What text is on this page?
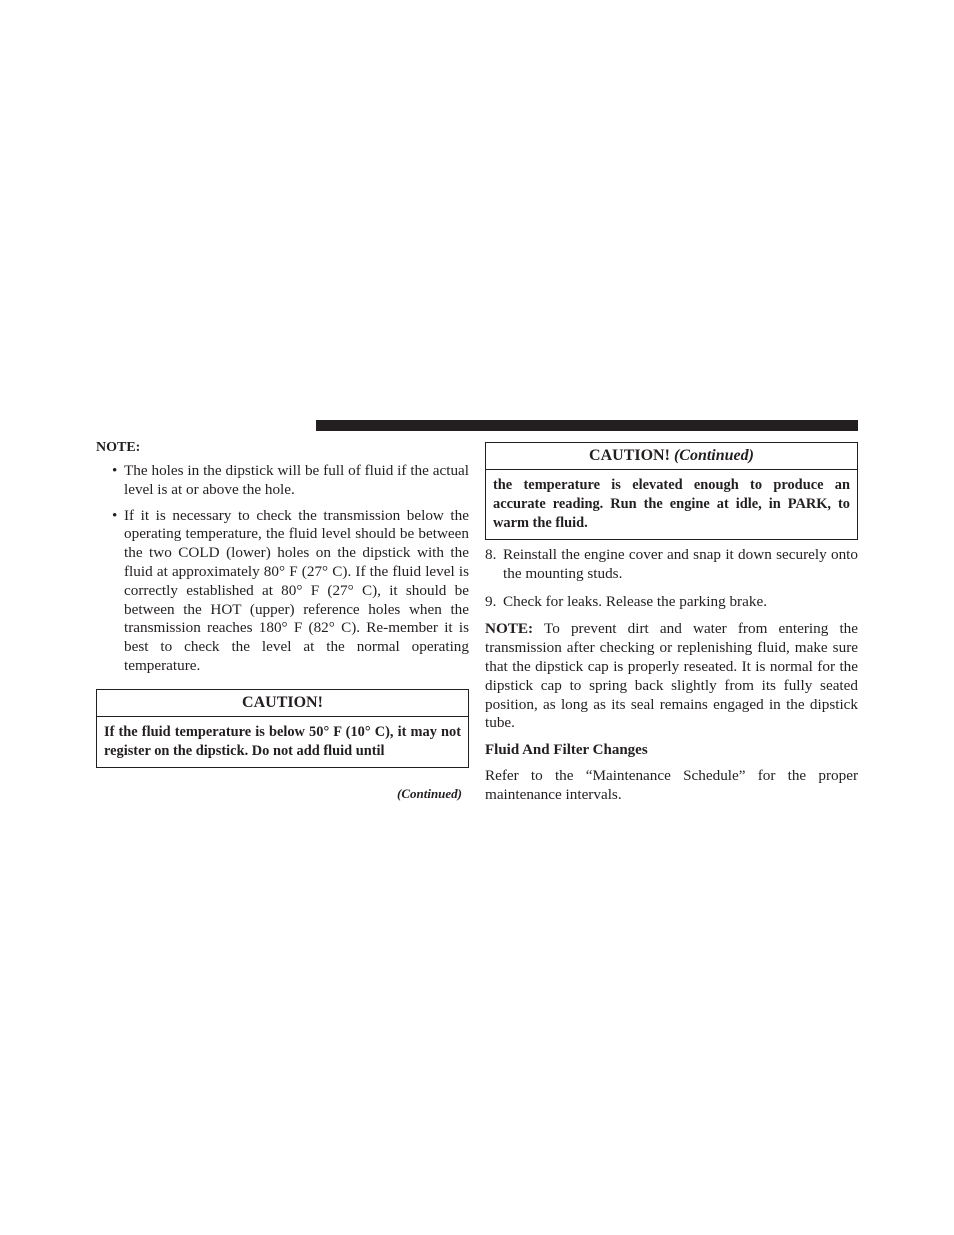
NOTE:
• The holes in the dipstick will be full of fluid if the actual level is at or above the hole.
• If it is necessary to check the transmission below the operating temperature, the fluid level should be between the two COLD (lower) holes on the dipstick with the fluid at approximately 80° F (27° C). If the fluid level is correctly established at 80° F (27° C), it should be between the HOT (upper) reference holes when the transmission reaches 180° F (82° C). Re-member it is best to check the level at the normal operating temperature.
CAUTION!
If the fluid temperature is below 50° F (10° C), it may not register on the dipstick. Do not add fluid until
(Continued)
CAUTION! (Continued)
the temperature is elevated enough to produce an accurate reading. Run the engine at idle, in PARK, to warm the fluid.
8. Reinstall the engine cover and snap it down securely onto the mounting studs.
9. Check for leaks. Release the parking brake.

NOTE: To prevent dirt and water from entering the transmission after checking or replenishing fluid, make sure that the dipstick cap is properly reseated. It is normal for the dipstick cap to spring back slightly from its fully seated position, as long as its seal remains engaged in the dipstick tube.

Fluid And Filter Changes

Refer to the “Maintenance Schedule” for the proper maintenance intervals.
